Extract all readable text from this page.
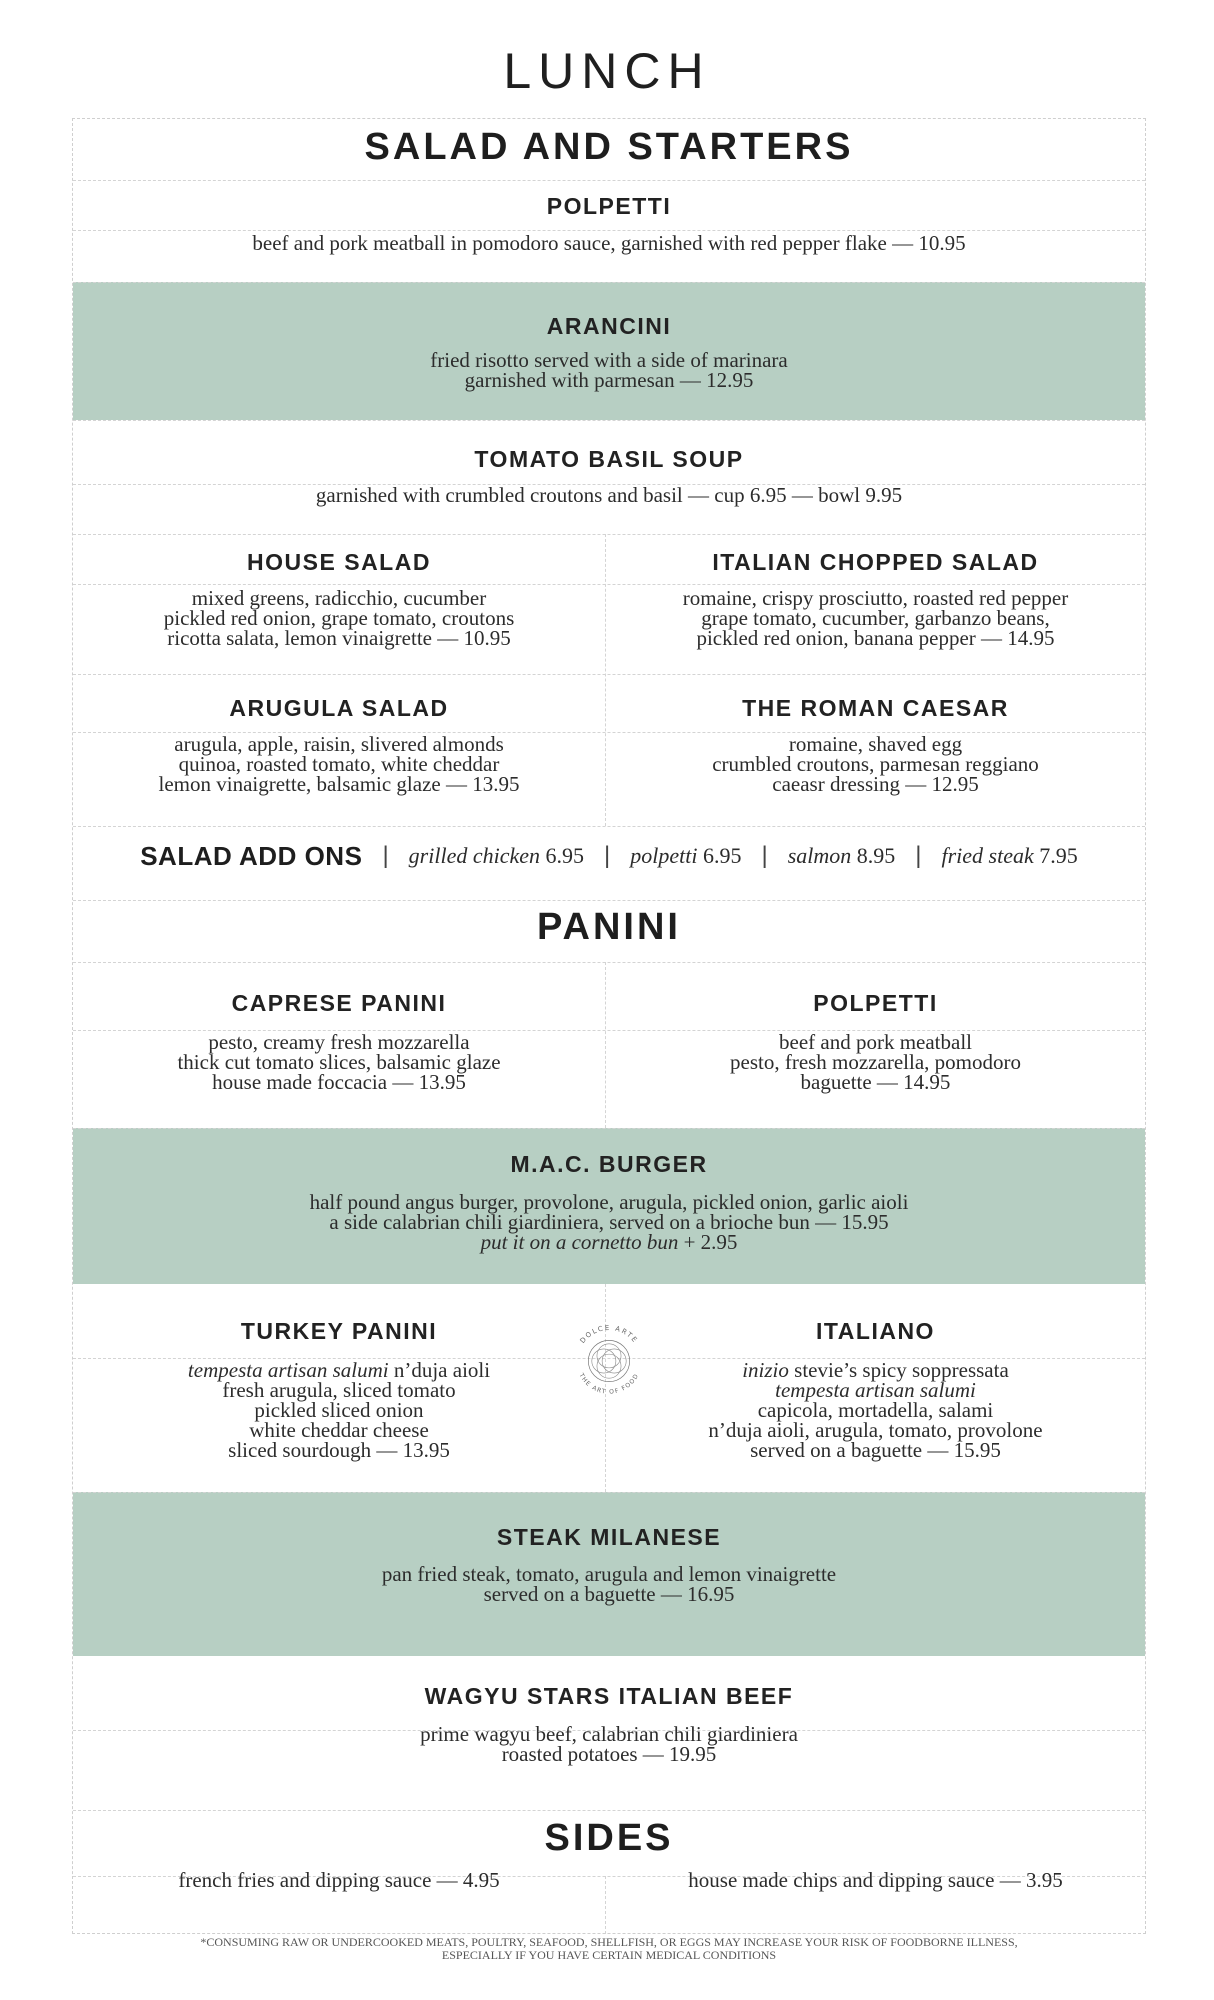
LUNCH
SALAD AND STARTERS
POLPETTI
beef and pork meatball in pomodoro sauce, garnished with red pepper flake — 10.95
ARANCINI
fried risotto served with a side of marinara
garnished with parmesan — 12.95
TOMATO BASIL SOUP
garnished with crumbled croutons and basil — cup 6.95 — bowl 9.95
HOUSE SALAD	ITALIAN CHOPPED SALAD
mixed greens, radicchio, cucumber
pickled red onion, grape tomato, croutons
ricotta salata, lemon vinaigrette — 10.95
romaine, crispy prosciutto, roasted red pepper
grape tomato, cucumber, garbanzo beans,
pickled red onion, banana pepper — 14.95
ARUGULA SALAD	THE ROMAN CAESAR
arugula, apple, raisin, slivered almonds
quinoa, roasted tomato, white cheddar
lemon vinaigrette, balsamic glaze — 13.95
romaine, shaved egg
crumbled croutons, parmesan reggiano
caeasr dressing — 12.95
SALAD ADD ONS | grilled chicken 6.95 | polpetti 6.95 | salmon 8.95 | fried steak 7.95
PANINI
CAPRESE PANINI	POLPETTI
pesto, creamy fresh mozzarella
thick cut tomato slices, balsamic glaze
house made foccacia — 13.95
beef and pork meatball
pesto, fresh mozzarella, pomodoro
baguette — 14.95
M.A.C. BURGER
half pound angus burger, provolone, arugula, pickled onion, garlic aioli
a side calabrian chili giardiniera, served on a brioche bun — 15.95
put it on a cornetto bun + 2.95
TURKEY PANINI	ITALIANO
tempesta artisan salumi n’duja aioli
fresh arugula, sliced tomato
pickled sliced onion
white cheddar cheese
sliced sourdough — 13.95
inizio stevie’s spicy soppressata
tempesta artisan salumi
capicola, mortadella, salami
n’duja aioli, arugula, tomato, provolone
served on a baguette — 15.95
DOLCE ARTE
THE ART OF FOOD
STEAK MILANESE
pan fried steak, tomato, arugula and lemon vinaigrette
served on a baguette — 16.95
WAGYU STARS ITALIAN BEEF
prime wagyu beef, calabrian chili giardiniera
roasted potatoes — 19.95
SIDES
french fries and dipping sauce — 4.95	house made chips and dipping sauce — 3.95
*CONSUMING RAW OR UNDERCOOKED MEATS, POULTRY, SEAFOOD, SHELLFISH, OR EGGS MAY INCREASE YOUR RISK OF FOODBORNE ILLNESS,
ESPECIALLY IF YOU HAVE CERTAIN MEDICAL CONDITIONS
